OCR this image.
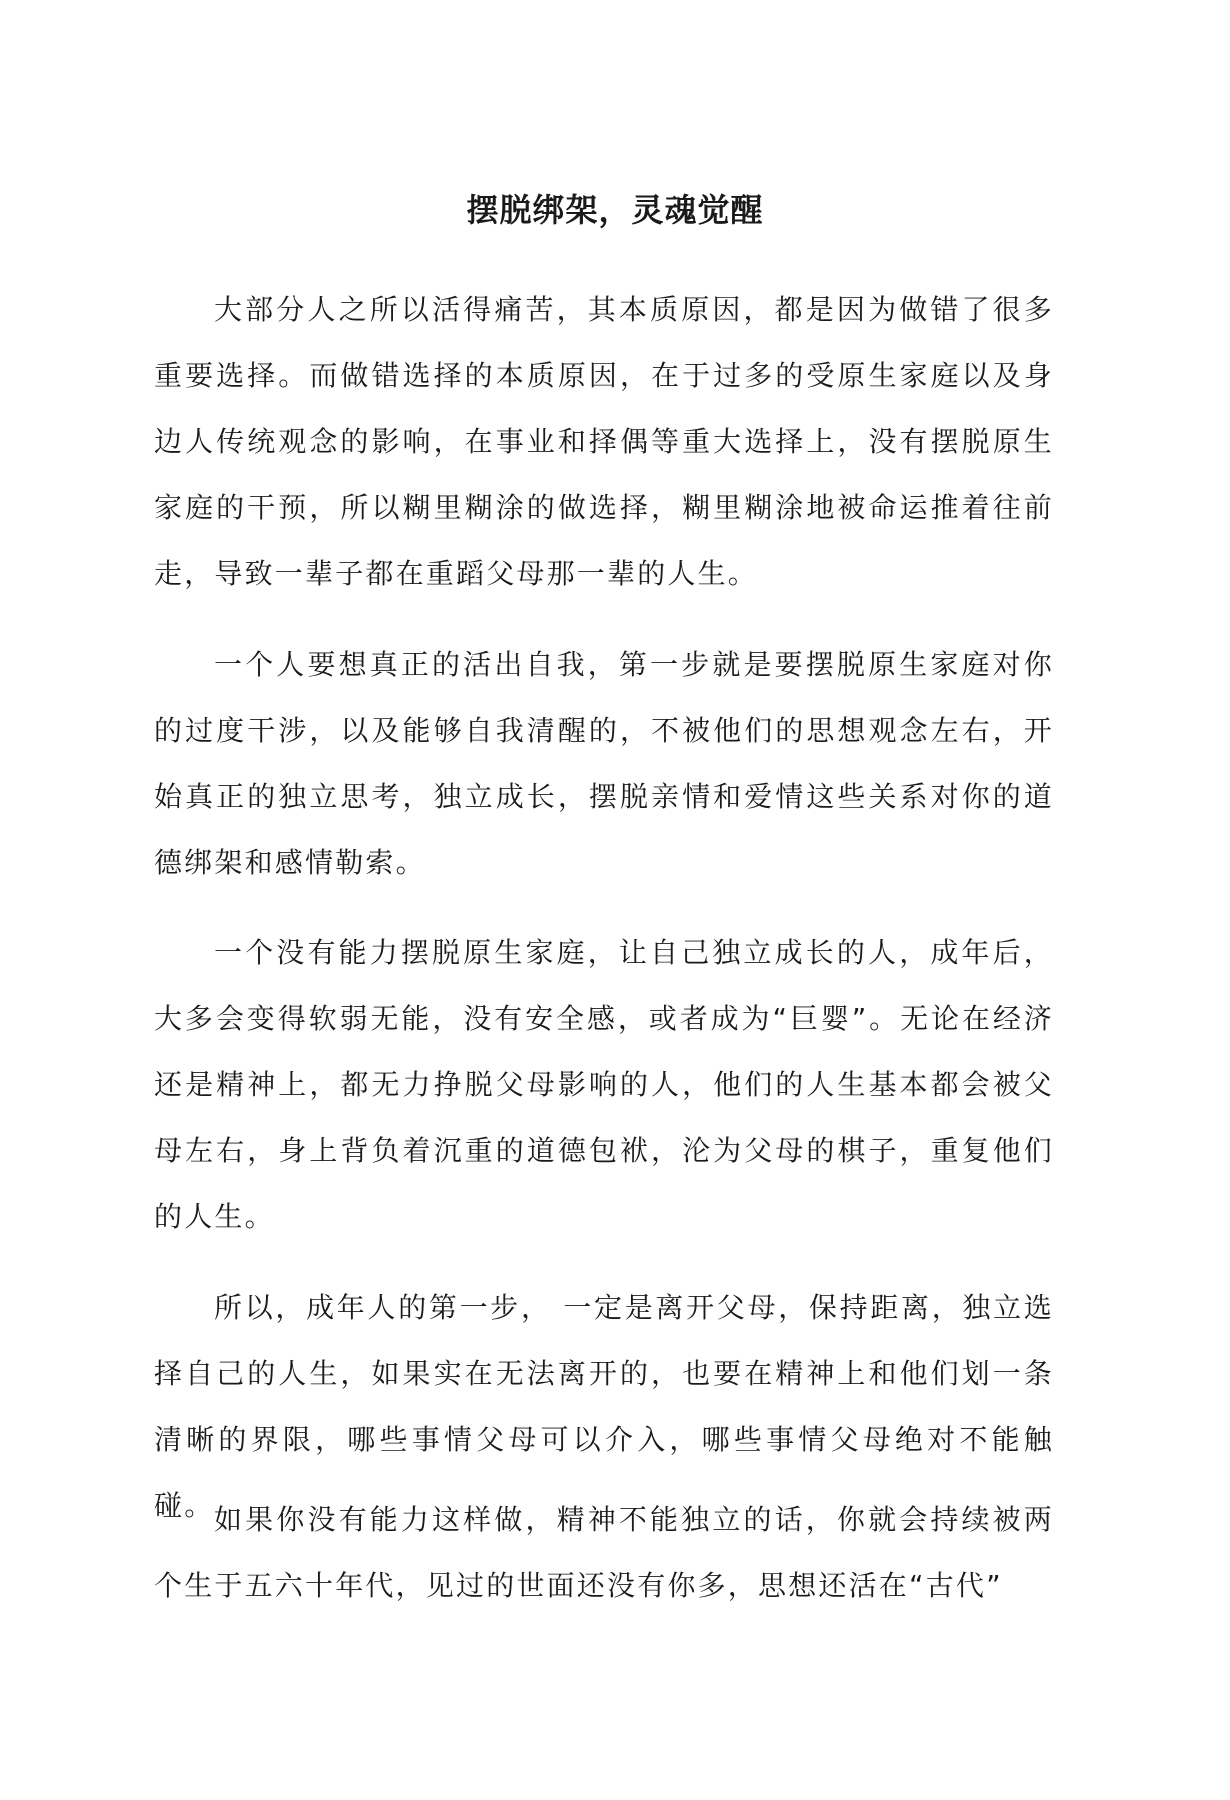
摆脱绑架，灵魂觉醒

大部分人之所以活得痛苦，其本质原因，都是因为做错了很多重要选择。而做错选择的本质原因，在于过多的受原生家庭以及身边人传统观念的影响，在事业和择偶等重大选择上，没有摆脱原生家庭的干预，所以糊里糊涂的做选择，糊里糊涂地被命运推着往前走，导致一辈子都在重蹈父母那一辈的人生。

一个人要想真正的活出自我，第一步就是要摆脱原生家庭对你的过度干涉，以及能够自我清醒的，不被他们的思想观念左右，开始真正的独立思考，独立成长，摆脱亲情和爱情这些关系对你的道德绑架和感情勒索。

一个没有能力摆脱原生家庭，让自己独立成长的人，成年后，大多会变得软弱无能，没有安全感，或者成为“巨婴”。无论在经济还是精神上，都无力挣脱父母影响的人，他们的人生基本都会被父母左右，身上背负着沉重的道德包袱，沦为父母的棋子，重复他们的人生。

所以，成年人的第一步， 一定是离开父母，保持距离，独立选择自己的人生，如果实在无法离开的，也要在精神上和他们划一条清晰的界限，哪些事情父母可以介入，哪些事情父母绝对不能触碰。 如果你没有能力这样做，精神不能独立的话，你就会持续被两个生于五六十年代，见过的世面还没有你多，思想还活在“古代”
